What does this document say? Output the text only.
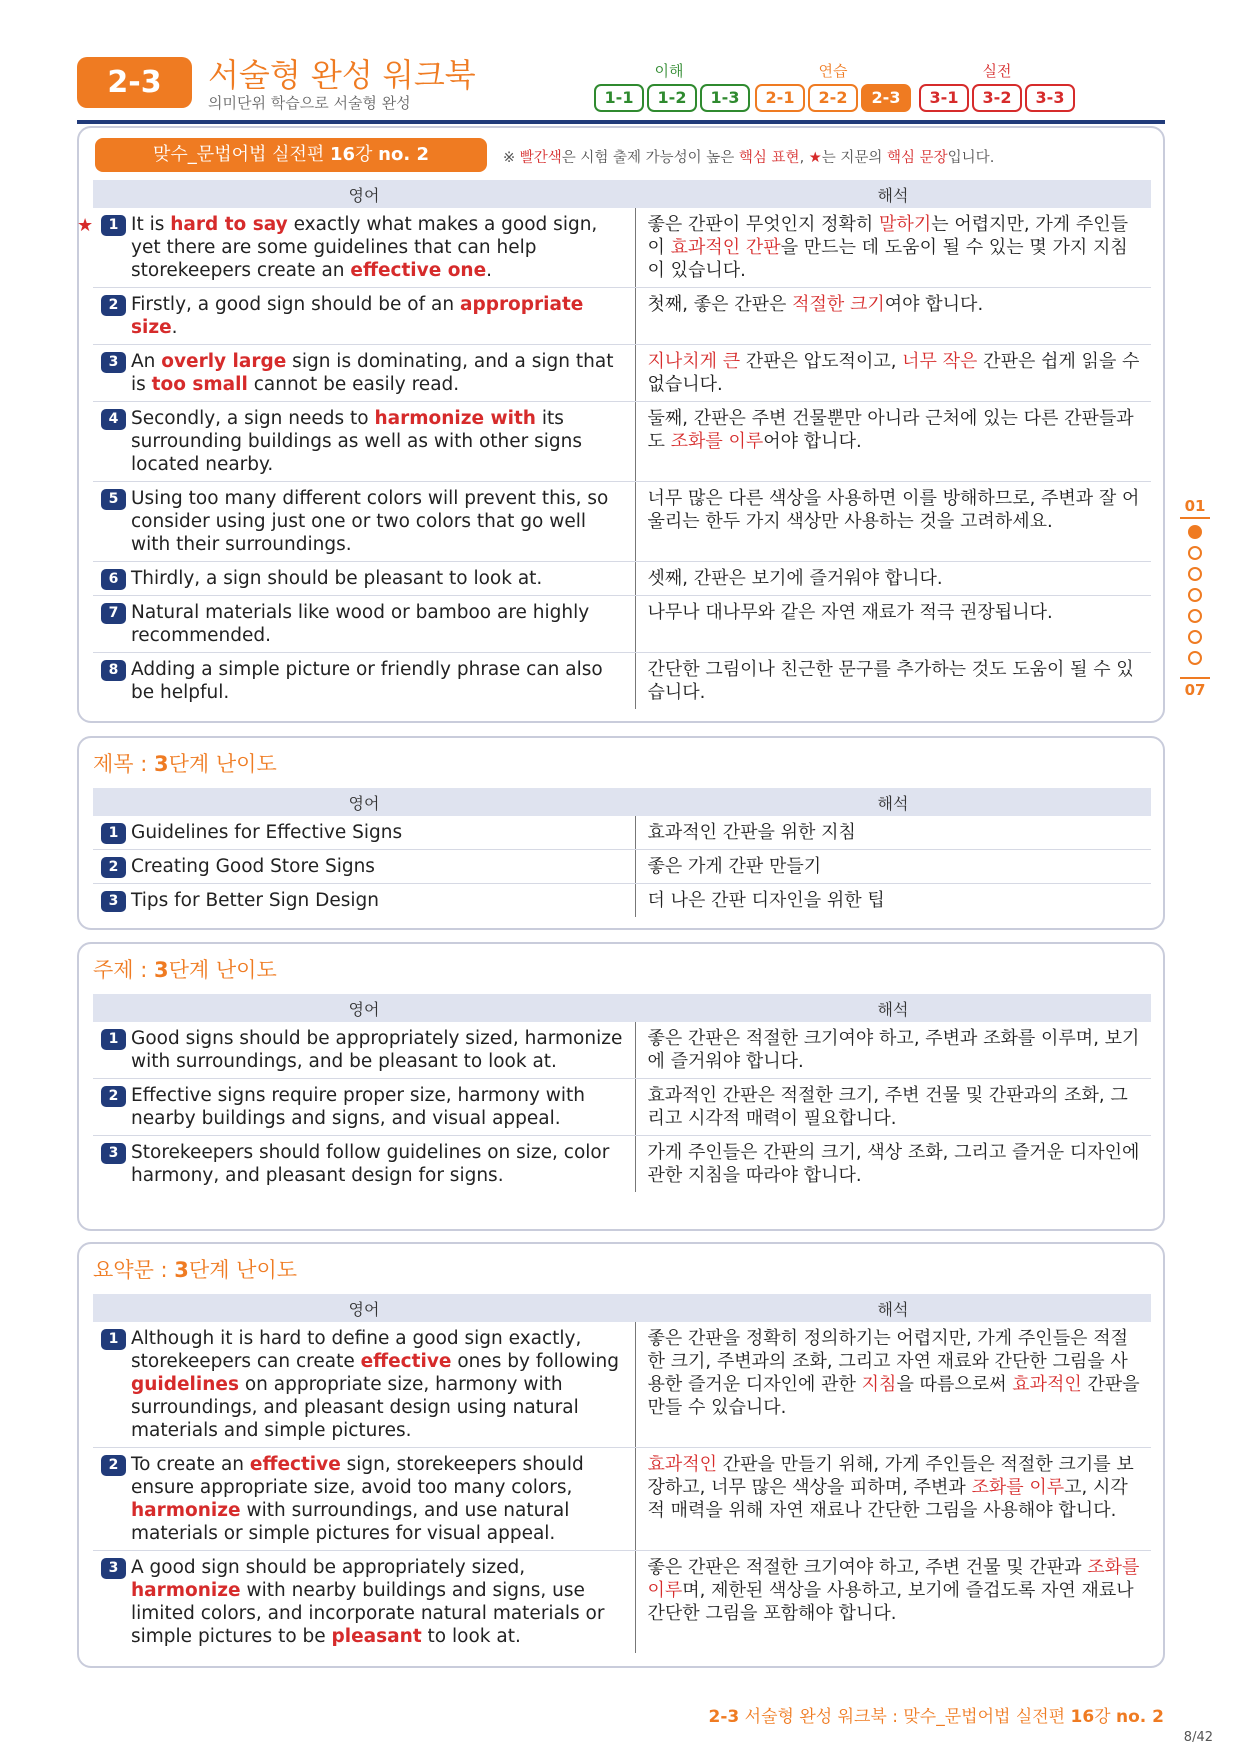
2-3	서술형 완성 워크북
의미단위 학습으로 서술형 완성
이해
1-1	1-2	1-3
연습
2-1	2-2	2-3
실전
3-1	3-2	3-3
맞수_문법어법 실전편 16강 no. 2	※ 빨간색은 시험 출제 가능성이 높은 핵심 표현, ★는 지문의 핵심 문장입니다.
영어	해석

★ 1 It is hard to say exactly what makes a good sign, yet there are some guidelines that can help storekeepers create an effective one.	좋은 간판이 무엇인지 정확히 말하기는 어렵지만, 가게 주인들이 효과적인 간판을 만드는 데 도움이 될 수 있는 몇 가지 지침이 있습니다.

2 Firstly, a good sign should be of an appropriate size.	첫째, 좋은 간판은 적절한 크기여야 합니다.

3 An overly large sign is dominating, and a sign that is too small cannot be easily read.	지나치게 큰 간판은 압도적이고, 너무 작은 간판은 쉽게 읽을 수 없습니다.

4 Secondly, a sign needs to harmonize with its surrounding buildings as well as with other signs located nearby.	둘째, 간판은 주변 건물뿐만 아니라 근처에 있는 다른 간판들과도 조화를 이루어야 합니다.

5 Using too many different colors will prevent this, so consider using just one or two colors that go well with their surroundings.	너무 많은 다른 색상을 사용하면 이를 방해하므로, 주변과 잘 어울리는 한두 가지 색상만 사용하는 것을 고려하세요.

6 Thirdly, a sign should be pleasant to look at.	셋째, 간판은 보기에 즐거워야 합니다.

7 Natural materials like wood or bamboo are highly recommended.	나무나 대나무와 같은 자연 재료가 적극 권장됩니다.

8 Adding a simple picture or friendly phrase can also be helpful.	간단한 그림이나 친근한 문구를 추가하는 것도 도움이 될 수 있습니다.
제목 : 3단계 난이도
영어	해석

1 Guidelines for Effective Signs	효과적인 간판을 위한 지침

2 Creating Good Store Signs	좋은 가게 간판 만들기

3 Tips for Better Sign Design	더 나은 간판 디자인을 위한 팁
주제 : 3단계 난이도
영어	해석

1 Good signs should be appropriately sized, harmonize with surroundings, and be pleasant to look at.	좋은 간판은 적절한 크기여야 하고, 주변과 조화를 이루며, 보기에 즐거워야 합니다.

2 Effective signs require proper size, harmony with nearby buildings and signs, and visual appeal.	효과적인 간판은 적절한 크기, 주변 건물 및 간판과의 조화, 그리고 시각적 매력이 필요합니다.

3 Storekeepers should follow guidelines on size, color harmony, and pleasant design for signs.	가게 주인들은 간판의 크기, 색상 조화, 그리고 즐거운 디자인에 관한 지침을 따라야 합니다.
요약문 : 3단계 난이도
영어	해석

1 Although it is hard to define a good sign exactly, storekeepers can create effective ones by following guidelines on appropriate size, harmony with surroundings, and pleasant design using natural materials and simple pictures.	좋은 간판을 정확히 정의하기는 어렵지만, 가게 주인들은 적절한 크기, 주변과의 조화, 그리고 자연 재료와 간단한 그림을 사용한 즐거운 디자인에 관한 지침을 따름으로써 효과적인 간판을 만들 수 있습니다.

2 To create an effective sign, storekeepers should ensure appropriate size, avoid too many colors, harmonize with surroundings, and use natural materials or simple pictures for visual appeal.	효과적인 간판을 만들기 위해, 가게 주인들은 적절한 크기를 보장하고, 너무 많은 색상을 피하며, 주변과 조화를 이루고, 시각적 매력을 위해 자연 재료나 간단한 그림을 사용해야 합니다.

3 A good sign should be appropriately sized, harmonize with nearby buildings and signs, use limited colors, and incorporate natural materials or simple pictures to be pleasant to look at.	좋은 간판은 적절한 크기여야 하고, 주변 건물 및 간판과 조화를 이루며, 제한된 색상을 사용하고, 보기에 즐겁도록 자연 재료나 간단한 그림을 포함해야 합니다.
01
07
2-3 서술형 완성 워크북 : 맞수_문법어법 실전편 16강 no. 2
8/42
